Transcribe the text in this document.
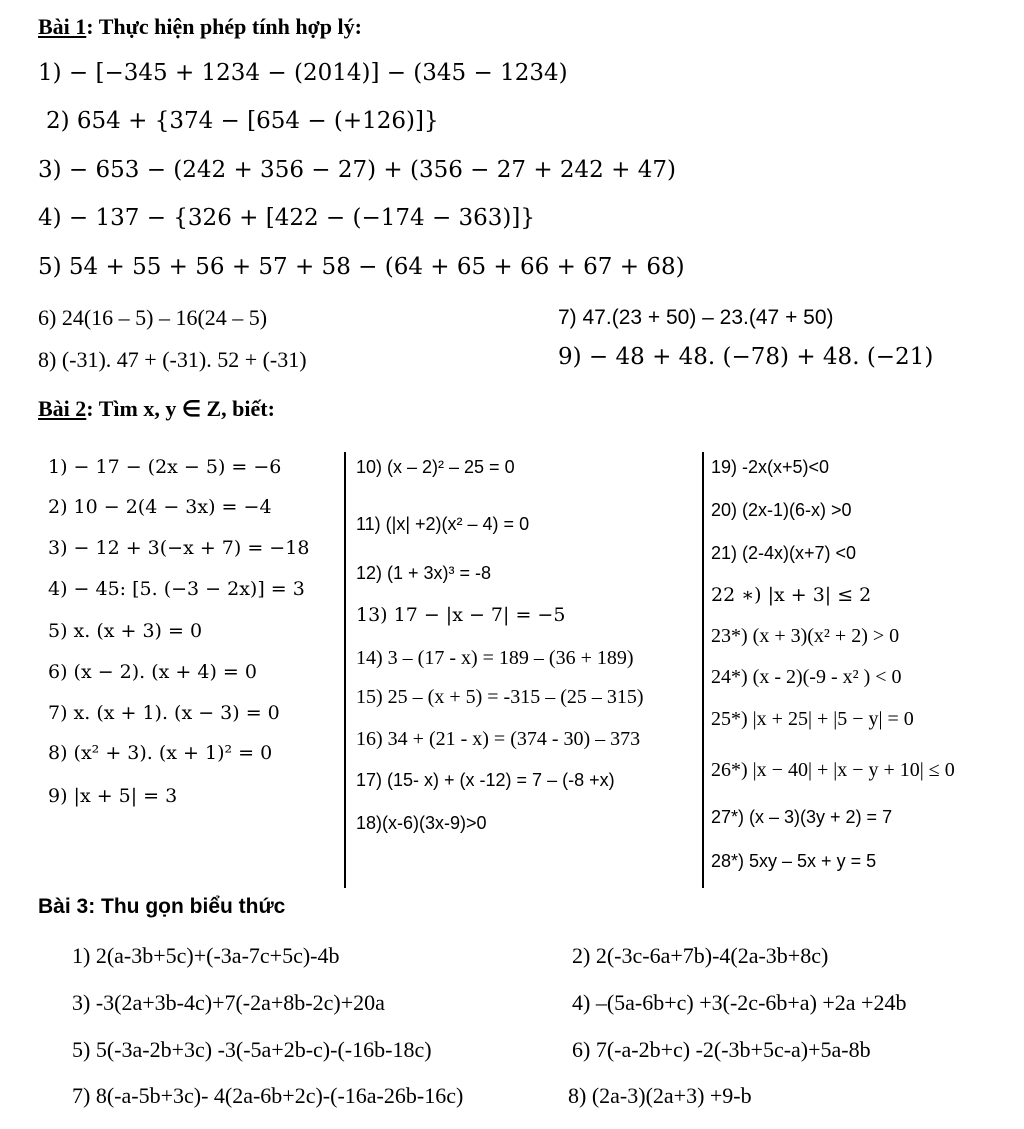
Bài 1: Thực hiện phép tính hợp lý:
1) − [−345 + 1234 − (2014)] − (345 − 1234)
2) 654 + {374 − [654 − (+126)]}
3) − 653 − (242 + 356 − 27) + (356 − 27 + 242 + 47)
4) − 137 − {326 + [422 − (−174 − 363)]}
5) 54 + 55 + 56 + 57 + 58 − (64 + 65 + 66 + 67 + 68)
6) 24(16 – 5) – 16(24 – 5)	7) 47.(23 + 50) – 23.(47 + 50)
8) (-31). 47 + (-31). 52 + (-31)	9) − 48 + 48. (−78) + 48. (−21)
Bài 2: Tìm x, y ∈ Z, biết:
1) − 17 − (2x − 5) = −6
2) 10 − 2(4 − 3x) = −4
3) − 12 + 3(−x + 7) = −18
4) − 45: [5. (−3 − 2x)] = 3
5) x. (x + 3) = 0
6) (x − 2). (x + 4) = 0
7) x. (x + 1). (x − 3) = 0
8) (x² + 3). (x + 1)² = 0
9) |x + 5| = 3
10) (x – 2)² – 25 = 0
11) (|x| +2)(x² – 4) = 0
12) (1 + 3x)³ = -8
13) 17 − |x − 7| = −5
14) 3 – (17 - x) = 189 – (36 + 189)
15) 25 – (x + 5) = -315 – (25 – 315)
16) 34 + (21 - x) = (374 - 30) – 373
17) (15- x) + (x -12) = 7 – (-8 +x)
18)(x-6)(3x-9)>0
19) -2x(x+5)<0
20) (2x-1)(6-x) >0
21) (2-4x)(x+7) <0
22 ∗) |x + 3| ≤ 2
23*) (x + 3)(x² + 2) > 0
24*) (x - 2)(-9 - x² ) < 0
25*) |x + 25| + |5 − y| = 0
26*) |x − 40| + |x − y + 10| ≤ 0
27*) (x – 3)(3y + 2) = 7
28*) 5xy – 5x + y = 5
Bài 3: Thu gọn biểu thức
1) 2(a-3b+5c)+(-3a-7c+5c)-4b	2) 2(-3c-6a+7b)-4(2a-3b+8c)
3) -3(2a+3b-4c)+7(-2a+8b-2c)+20a	4) –(5a-6b+c) +3(-2c-6b+a) +2a +24b
5) 5(-3a-2b+3c) -3(-5a+2b-c)-(-16b-18c)	6) 7(-a-2b+c) -2(-3b+5c-a)+5a-8b
7) 8(-a-5b+3c)- 4(2a-6b+2c)-(-16a-26b-16c)	8) (2a-3)(2a+3) +9-b
